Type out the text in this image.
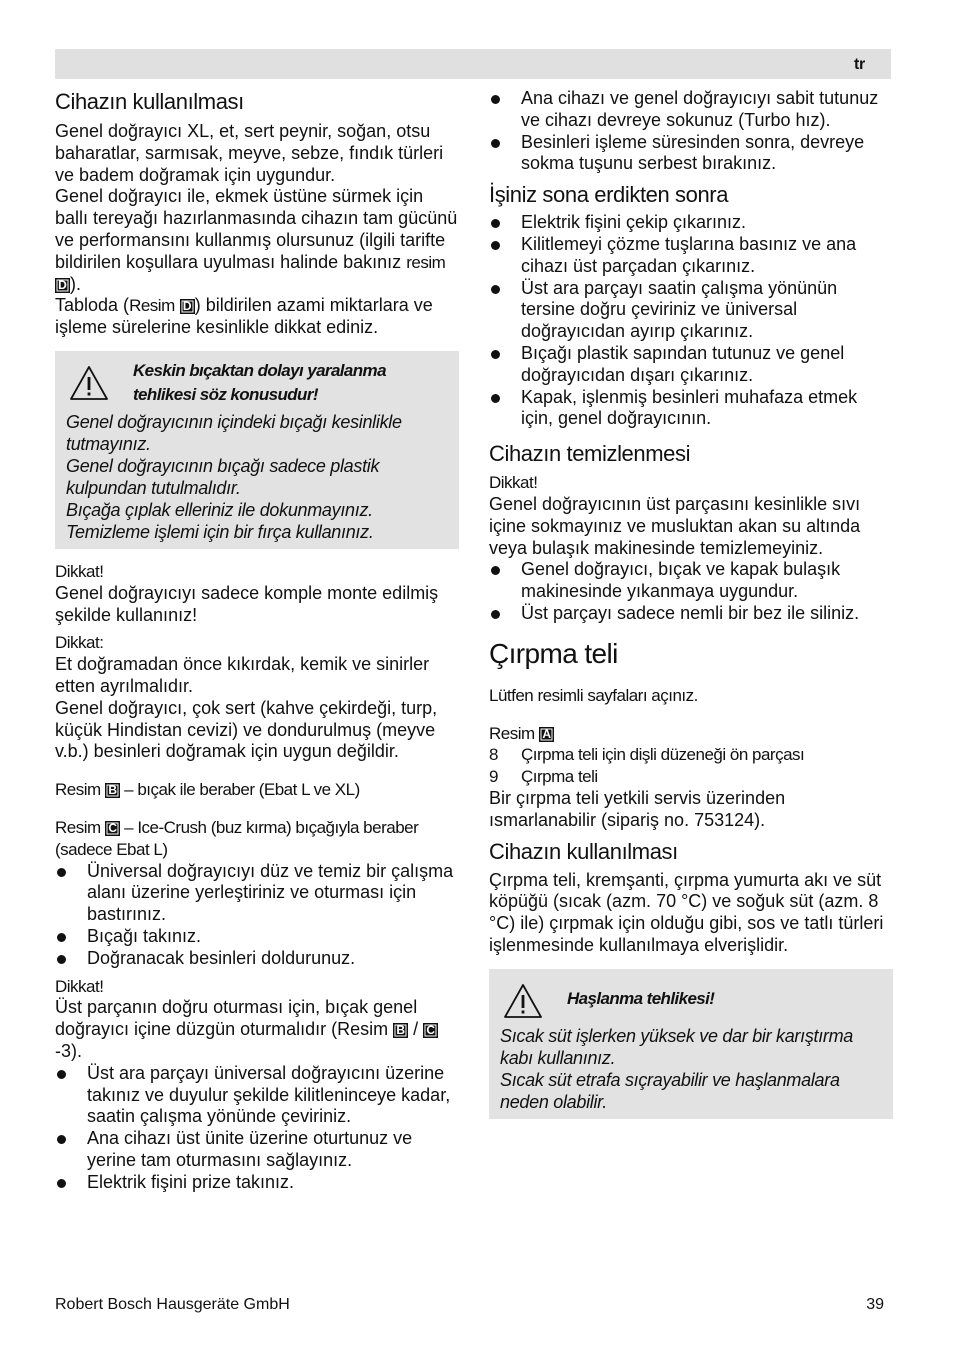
tr
Cihazın kullanılması

Genel doğrayıcı XL, et, sert peynir, soğan, otsu baharatlar, sarmısak, meyve, sebze, fındık türleri ve badem doğramak için uygundur.

Genel doğrayıcı ile, ekmek üstüne sürmek için ballı tereyağı hazırlanmasında cihazın tam gücünü ve performansını kullanmış olursunuz (ilgili tarifte bildirilen koşullara uyulması halinde bakınız resim D ).

Tabloda (Resim D ) bildirilen azami miktarlara ve işleme sürelerine kesinlikle dikkat ediniz.

Keskin bıçaktan dolayı yaralanma tehlikesi söz konusudur!
Genel doğrayıcının içindeki bıçağı kesinlikle tutmayınız.
Genel doğrayıcının bıçağı sadece plastik kulpundan tutulmalıdır.
Bıçağa çıplak elleriniz ile dokunmayınız.
Temizleme işlemi için bir fırça kullanınız.

Dikkat!

Genel doğrayıcıyı sadece komple monte edilmiş şekilde kullanınız!

Dikkat:

Et doğramadan önce kıkırdak, kemik ve sinirler etten ayrılmalıdır.

Genel doğrayıcı, çok sert (kahve çekirdeği, turp, küçük Hindistan cevizi) ve dondurulmuş (meyve v.b.) besinleri doğramak için uygun değildir.

Resim B – bıçak ile beraber (Ebat L ve XL)

Resim C – Ice-Crush (buz kırma) bıçağıyla beraber (sadece Ebat L)

Üniversal doğrayıcıyı düz ve temiz bir çalışma alanı üzerine yerleştiriniz ve oturması için bastırınız.
Bıçağı takınız.
Doğranacak besinleri doldurunuz.

Dikkat!

Üst parçanın doğru oturması için, bıçak genel doğrayıcı içine düzgün oturmalıdır (Resim B / C-3).

Üst ara parçayı üniversal doğrayıcını üzerine takınız ve duyulur şekilde kilitleninceye kadar, saatin çalışma yönünde çeviriniz.
Ana cihazı üst ünite üzerine oturtunuz ve yerine tam oturmasını sağlayınız.
Elektrik fişini prize takınız.
Ana cihazı ve genel doğrayıcıyı sabit tutunuz ve cihazı devreye sokunuz (Turbo hız).
Besinleri işleme süresinden sonra, devreye sokma tuşunu serbest bırakınız.
İşiniz sona erdikten sonra
Elektrik fişini çekip çıkarınız.
Kilitlemeyi çözme tuşlarına basınız ve ana cihazı üst parçadan çıkarınız.
Üst ara parçayı saatin çalışma yönünün tersine doğru çeviriniz ve üniversal doğrayıcıdan ayırıp çıkarınız.
Bıçağı plastik sapından tutunuz ve genel doğrayıcıdan dışarı çıkarınız.
Kapak, işlenmiş besinleri muhafaza etmek için, genel doğrayıcının.
Cihazın temizlenmesi

Dikkat!

Genel doğrayıcının üst parçasını kesinlikle sıvı içine sokmayınız ve musluktan akan su altında veya bulaşık makinesinde temizlemeyiniz.

Genel doğrayıcı, bıçak ve kapak bulaşık makinesinde yıkanmaya uygundur.
Üst parçayı sadece nemli bir bez ile siliniz.
Çırpma teli

Lütfen resimli sayfaları açınız.

Resim A

8 Çırpma teli için dişli düzeneği ön parçası

9 Çırpma teli

Bir çırpma teli yetkili servis üzerinden ısmarlanabilir (sipariş no. 753124).

Cihazın kullanılması

Çırpma teli, kremşanti, çırpma yumurta akı ve süt köpüğü (sıcak (azm. 70 °C) ve soğuk süt (azm. 8 °C) ile) çırpmak için olduğu gibi, sos ve tatlı türleri işlenmesinde kullanılmaya elverişlidir.

Haşlanma tehlikesi!
Sıcak süt işlerken yüksek ve dar bir karıştırma kabı kullanınız.
Sıcak süt etrafa sıçrayabilir ve haşlanmalara neden olabilir.
Robert Bosch Hausgeräte GmbH	39
